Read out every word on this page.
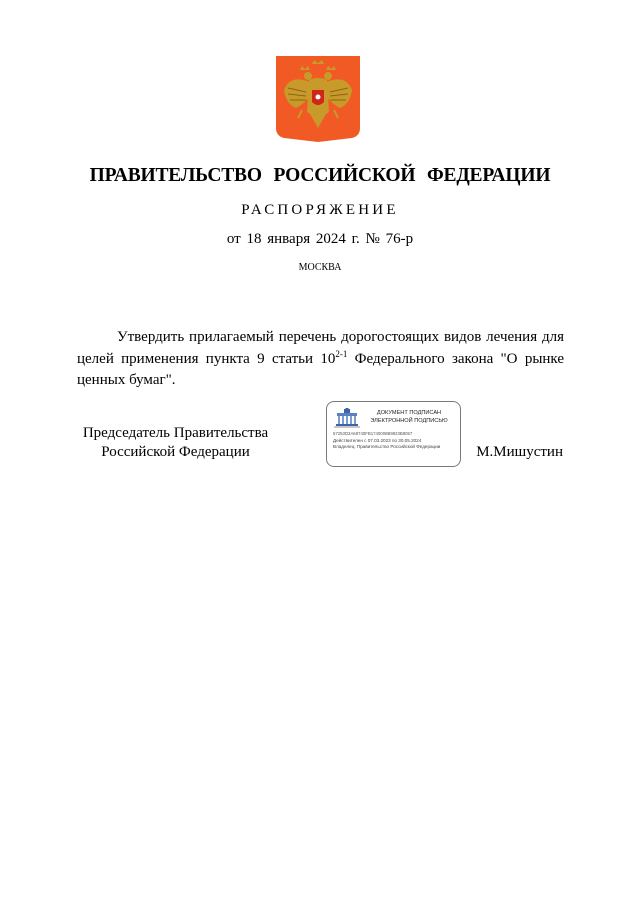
ПРАВИТЕЛЬСТВО РОССИЙСКОЙ ФЕДЕРАЦИИ
РАСПОРЯЖЕНИЕ
от 18 января 2024 г. № 76-р
МОСКВА
Утвердить прилагаемый перечень дорогостоящих видов лечения для целей применения пункта 9 статьи 10$^{2-1}$ Федерального закона "О рынке ценных бумаг".
Председатель Правительства
Российской Федерации
ДОКУМЕНТ ПОДПИСАН
ЭЛЕКТРОННОЙ ПОДПИСЬЮ
57253D3A68740FB1740008B9823B8057
Действителен с 07.03.2023 по 30.05.2024
Владелец: Правительство Российской Федерации	М.Мишустин
